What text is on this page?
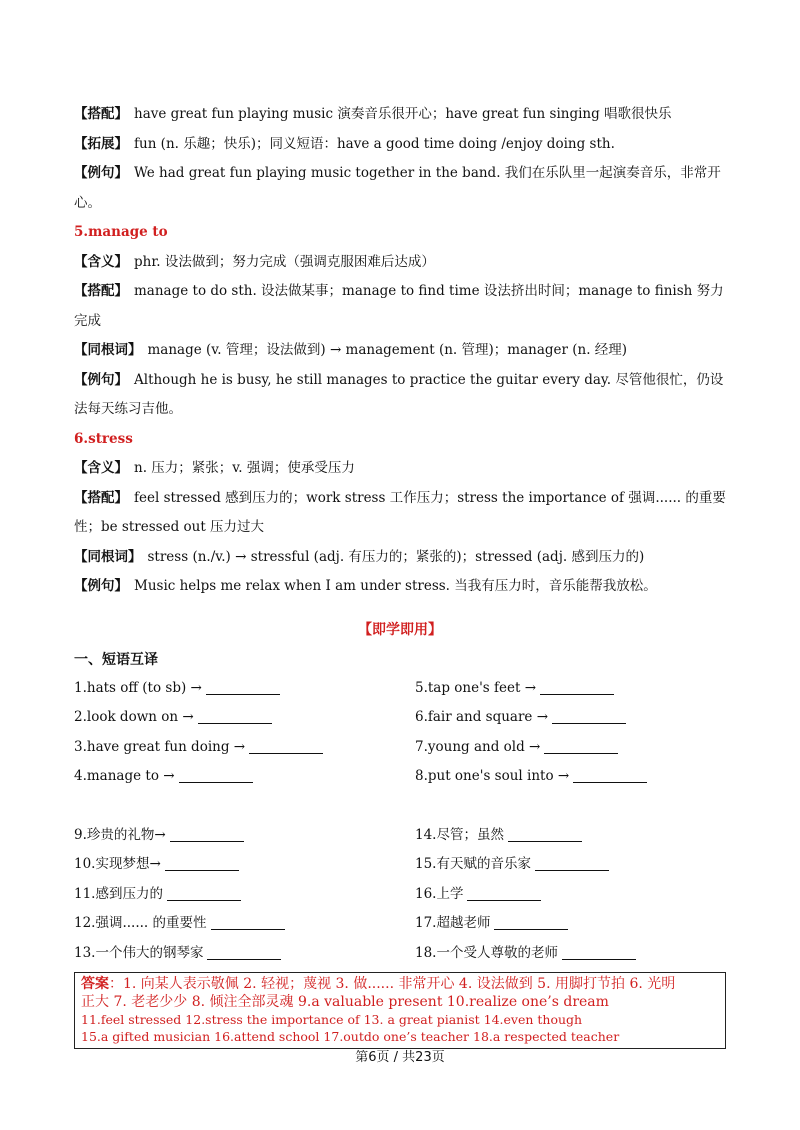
【 搭配 】 have great fun playing music 演奏音乐很开心；have great fun singing 唱歌很快乐

【 拓展 】 fun (n. 乐趣；快乐)；同义短语：have a good time doing /enjoy doing sth.

【 例句 】 We had great fun playing music together in the band. 我们在乐队里一起演奏音乐，非常开心。

5.manage to

【 含义 】 phr. 设法做到；努力完成（强调克服困难后达成）

【 搭配 】 manage to do sth. 设法做某事；manage to find time 设法挤出时间；manage to finish 努力完成

【 同根词 】 manage (v. 管理；设法做到) → management (n. 管理)；manager (n. 经理)

【 例句 】 Although he is busy, he still manages to practice the guitar every day. 尽管他很忙，仍设法每天练习吉他。

6.stress

【 含义 】 n. 压力；紧张；v. 强调；使承受压力

【 搭配 】 feel stressed 感到压力的；work stress 工作压力；stress the importance of 强调...... 的重要性；be stressed out 压力过大

【 同根词 】 stress (n./v.) → stressful (adj. 有压力的；紧张的)；stressed (adj. 感到压力的)

【 例句 】 Music helps me relax when I am under stress. 当我有压力时，音乐能帮我放松。

【即学即用】
一、短语互译
1.hats off (to sb) →	5.tap one's feet →
2.look down on →	6.fair and square →
3.have great fun doing →	7.young and old →
4.manage to →	8.put one's soul into →
9.珍贵的礼物→	14.尽管；虽然
10.实现梦想→	15.有天赋的音乐家
11.感到压力的	16.上学
12.强调...... 的重要性	17.超越老师
13.一个伟大的钢琴家	18.一个受人尊敬的老师

答案：1. 向某人表示敬佩 2. 轻视；蔑视 3. 做...... 非常开心 4. 设法做到 5. 用脚打节拍 6. 光明

正大 7. 老老少少 8. 倾注全部灵魂 9.a valuable present 10.realize one’s dream

11.feel stressed 12.stress the importance of 13. a great pianist 14.even though

15.a gifted musician 16.attend school 17.outdo one’s teacher 18.a respected teacher

第6页 / 共23页
